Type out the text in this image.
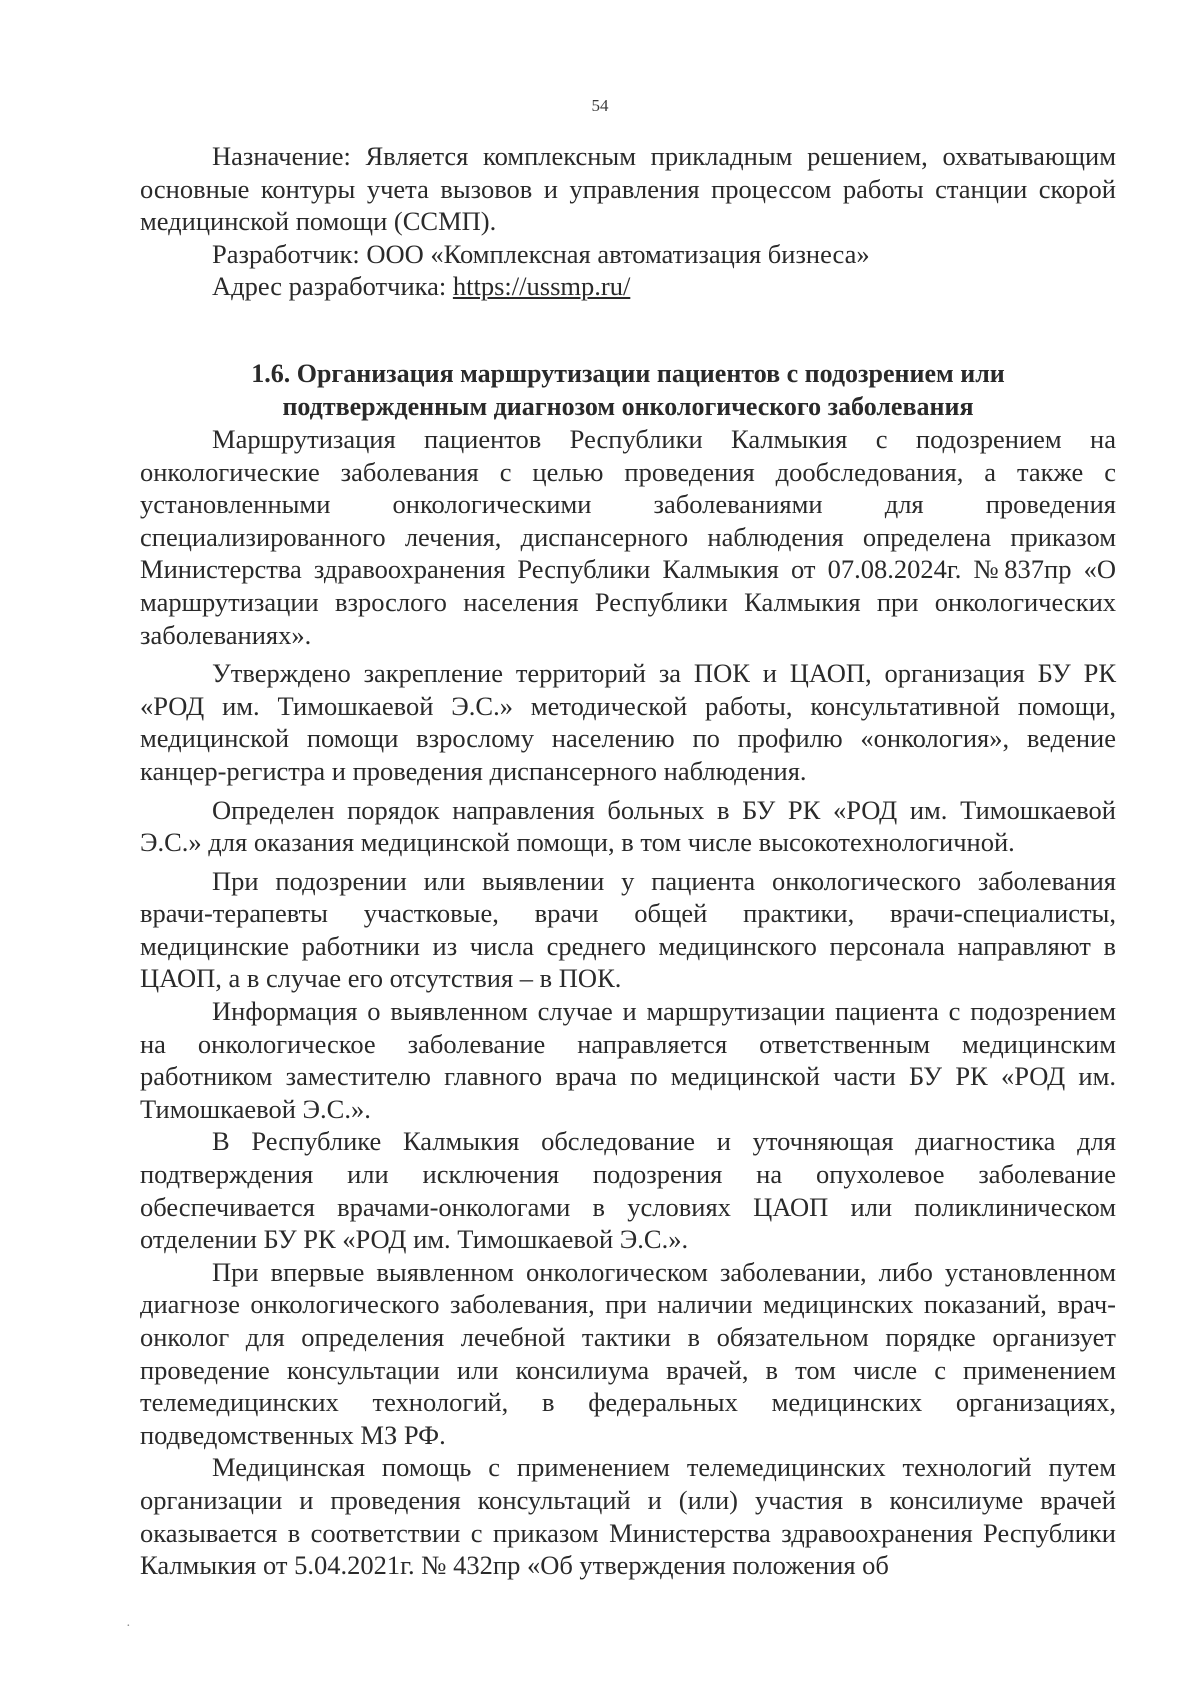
54

Назначение: Является комплексным прикладным решением, охватывающим основные контуры учета вызовов и управления процессом работы станции скорой медицинской помощи (ССМП).

Разработчик: ООО «Комплексная автоматизация бизнеса»

Адрес разработчика: https://ussmp.ru/

1.6. Организация маршрутизации пациентов с подозрением или подтвержденным диагнозом онкологического заболевания

Маршрутизация пациентов Республики Калмыкия с подозрением на онкологические заболевания с целью проведения дообследования, а также с установленными онкологическими заболеваниями для проведения специализированного лечения, диспансерного наблюдения определена приказом Министерства здравоохранения Республики Калмыкия от 07.08.2024г. №837пр «О маршрутизации взрослого населения Республики Калмыкия при онкологических заболеваниях».

Утверждено закрепление территорий за ПОК и ЦАОП, организация БУ РК «РОД им. Тимошкаевой Э.С.» методической работы, консультативной помощи, медицинской помощи взрослому населению по профилю «онкология», ведение канцер-регистра и проведения диспансерного наблюдения.

Определен порядок направления больных в БУ РК «РОД им. Тимошкаевой Э.С.» для оказания медицинской помощи, в том числе высокотехнологичной.

При подозрении или выявлении у пациента онкологического заболевания врачи-терапевты участковые, врачи общей практики, врачи-специалисты, медицинские работники из числа среднего медицинского персонала направляют в ЦАОП, а в случае его отсутствия – в ПОК.

Информация о выявленном случае и маршрутизации пациента с подозрением на онкологическое заболевание направляется ответственным медицинским работником заместителю главного врача по медицинской части БУ РК «РОД им. Тимошкаевой Э.С.».

В Республике Калмыкия обследование и уточняющая диагностика для подтверждения или исключения подозрения на опухолевое заболевание обеспечивается врачами-онкологами в условиях ЦАОП или поликлиническом отделении БУ РК «РОД им. Тимошкаевой Э.С.».

При впервые выявленном онкологическом заболевании, либо установленном диагнозе онкологического заболевания, при наличии медицинских показаний, врач-онколог для определения лечебной тактики в обязательном порядке организует проведение консультации или консилиума врачей, в том числе с применением телемедицинских технологий, в федеральных медицинских организациях, подведомственных МЗ РФ.

Медицинская помощь с применением телемедицинских технологий путем организации и проведения консультаций и (или) участия в консилиуме врачей оказывается в соответствии с приказом Министерства здравоохранения Республики Калмыкия от 5.04.2021г. № 432пр «Об утверждения положения об

·
